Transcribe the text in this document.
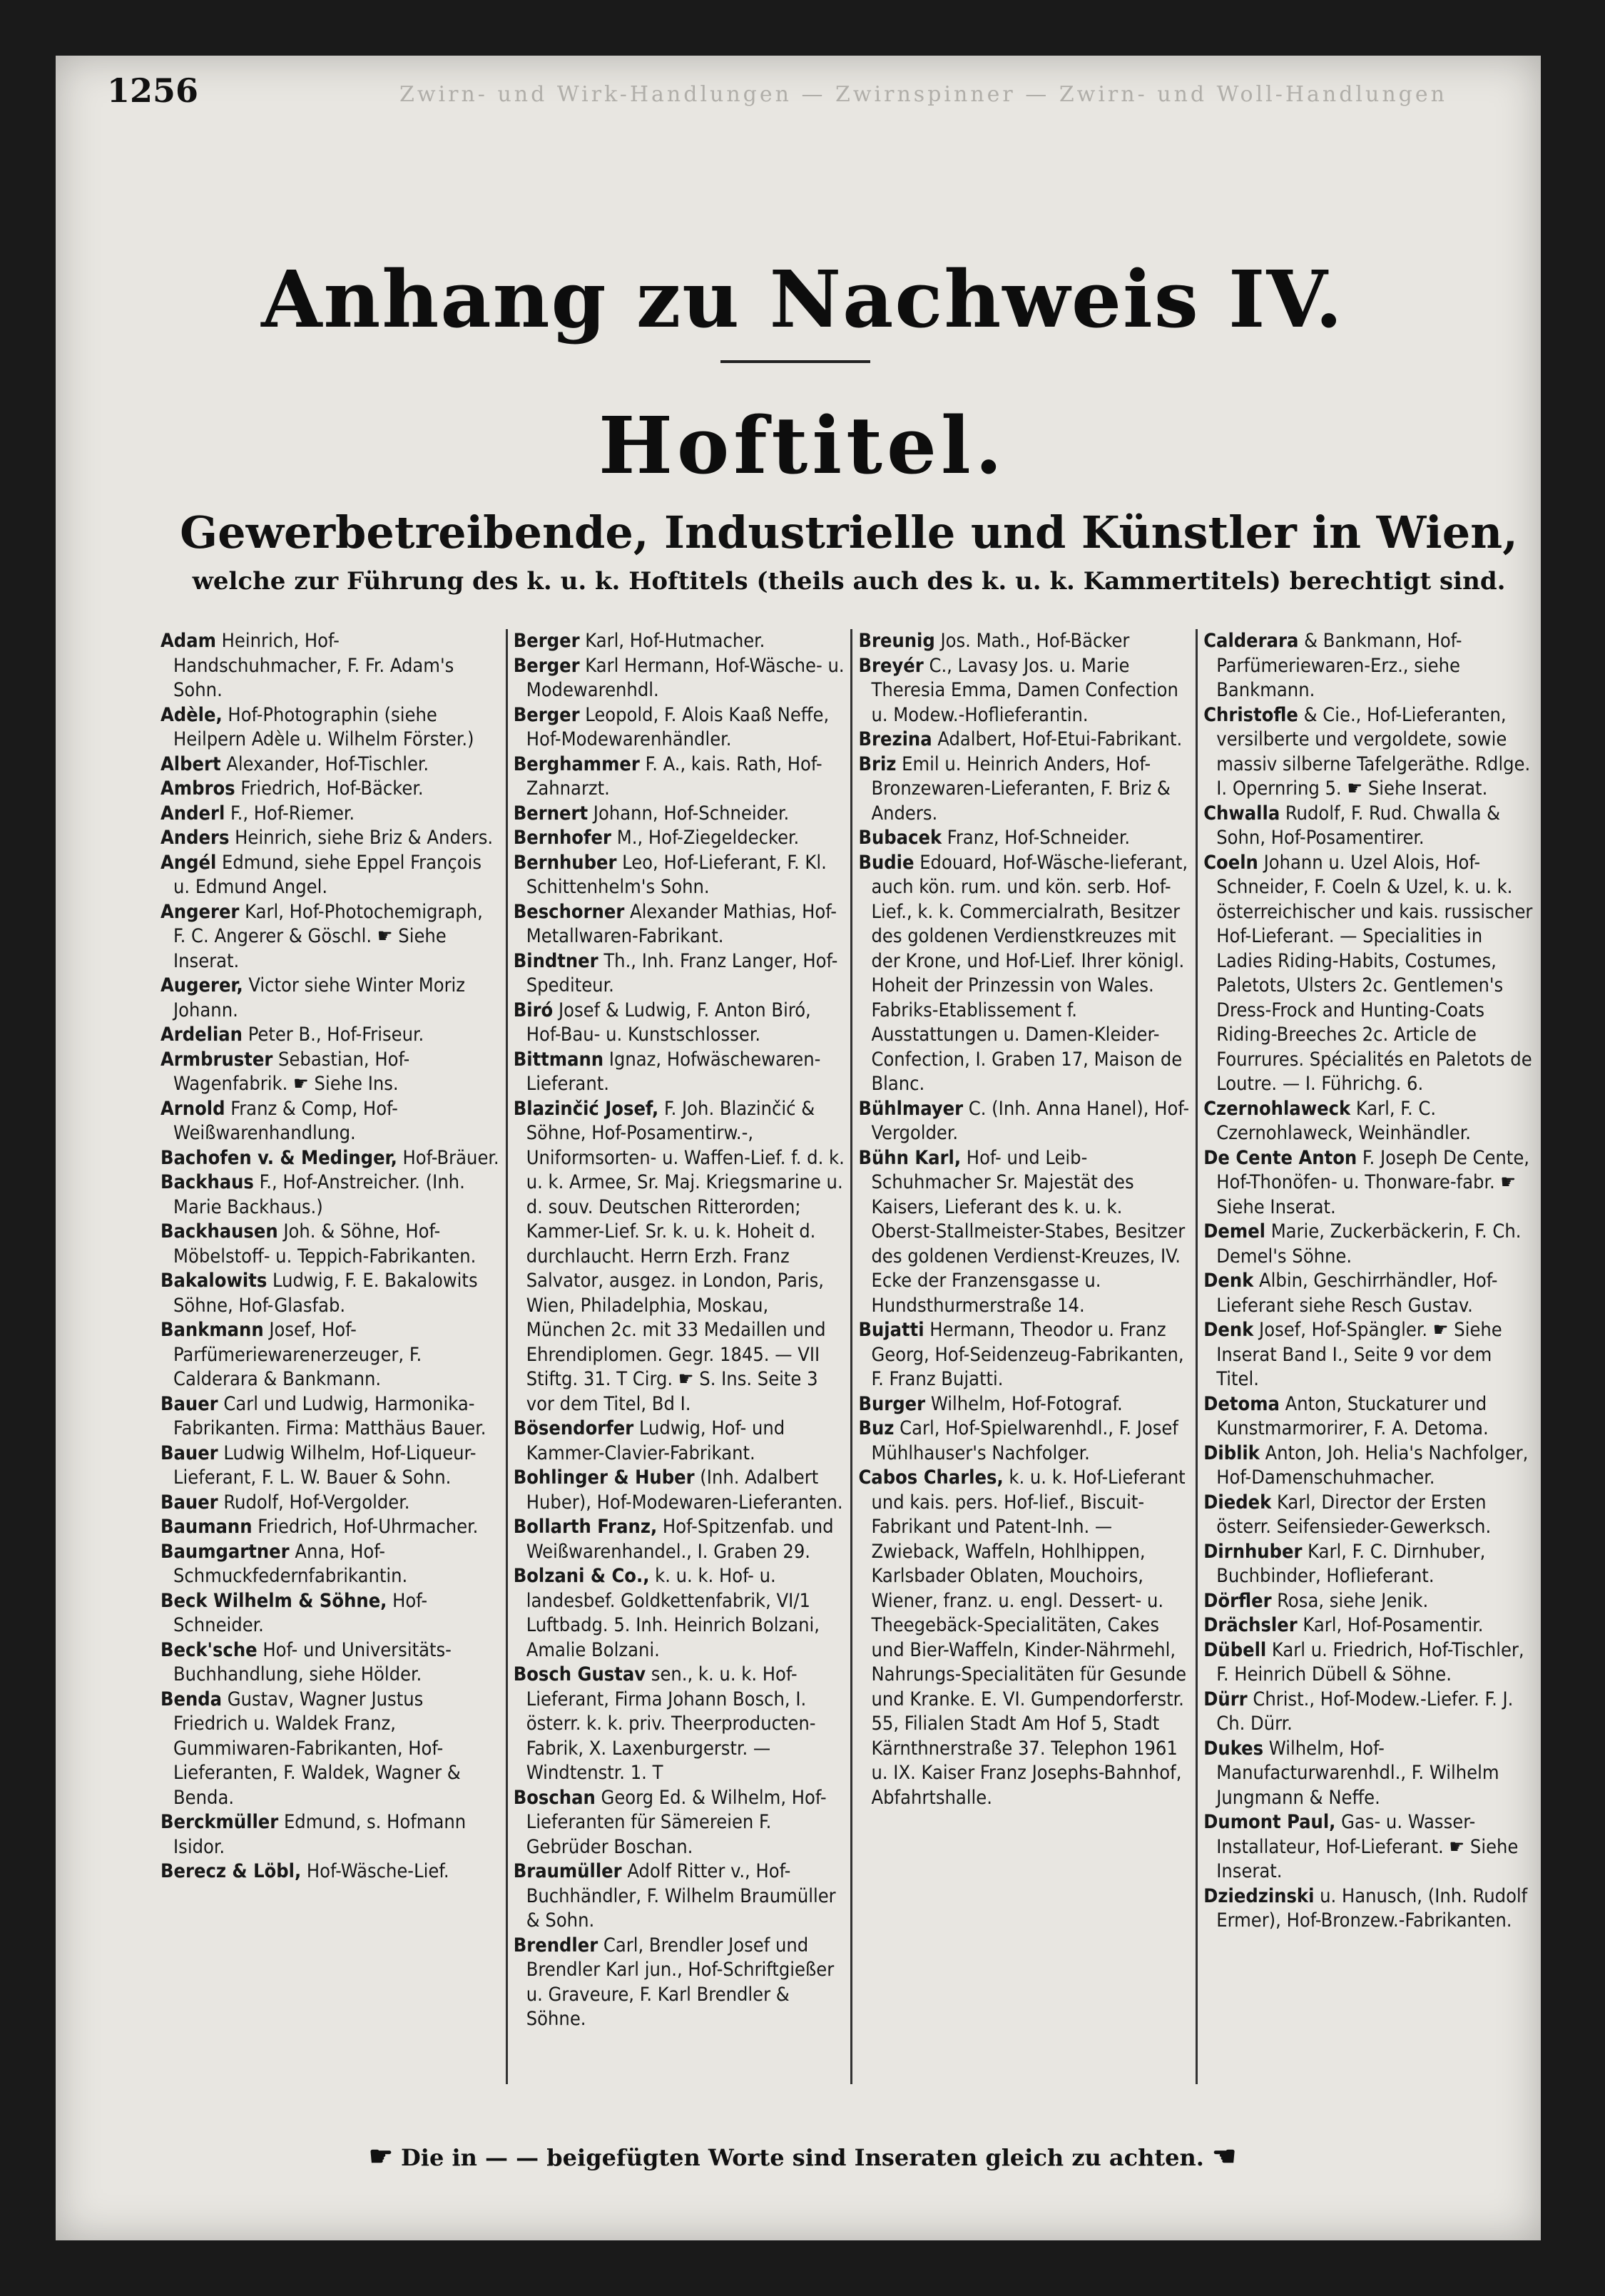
1256	Zwirn- und Wirk-Handlungen — Zwirnspinner — Zwirn- und Woll-Handlungen
Anhang zu Nachweis IV.
Hoftitel.
Gewerbetreibende, Industrielle und Künstler in Wien,
welche zur Führung des k. u. k. Hoftitels (theils auch des k. u. k. Kammertitels) berechtigt sind.

Adam Heinrich, Hof-Handschuhmacher, F. Fr. Adam's Sohn.

Adèle, Hof-Photographin (siehe Heilpern Adèle u. Wilhelm Förster.)

Albert Alexander, Hof-Tischler.

Ambros Friedrich, Hof-Bäcker.

Anderl F., Hof-Riemer.

Anders Heinrich, siehe Briz & Anders.

Angél Edmund, siehe Eppel François u. Edmund Angel.

Angerer Karl, Hof-Photochemigraph, F. C. Angerer & Göschl. ☛ Siehe Inserat.

Augerer, Victor siehe Winter Moriz Johann.

Ardelian Peter B., Hof-Friseur.

Armbruster Sebastian, Hof-Wagenfabrik. ☛ Siehe Ins.

Arnold Franz & Comp, Hof-Weißwarenhandlung.

Bachofen v. & Medinger, Hof-Bräuer.

Backhaus F., Hof-Anstreicher. (Inh. Marie Backhaus.)

Backhausen Joh. & Söhne, Hof-Möbelstoff- u. Teppich-Fabrikanten.

Bakalowits Ludwig, F. E. Bakalowits Söhne, Hof-Glasfab.

Bankmann Josef, Hof-Parfümeriewarenerzeuger, F. Calderara & Bankmann.

Bauer Carl und Ludwig, Harmonika-Fabrikanten. Firma: Matthäus Bauer.

Bauer Ludwig Wilhelm, Hof-Liqueur-Lieferant, F. L. W. Bauer & Sohn.

Bauer Rudolf, Hof-Vergolder.

Baumann Friedrich, Hof-Uhrmacher.

Baumgartner Anna, Hof-Schmuckfedernfabrikantin.

Beck Wilhelm & Söhne, Hof-Schneider.

Beck'sche Hof- und Universitäts-Buchhandlung, siehe Hölder.

Benda Gustav, Wagner Justus Friedrich u. Waldek Franz, Gummiwaren-Fabrikanten, Hof-Lieferanten, F. Waldek, Wagner & Benda.

Berckmüller Edmund, s. Hofmann Isidor.

Berecz & Löbl, Hof-Wäsche-Lief.

Berger Karl, Hof-Hutmacher.

Berger Karl Hermann, Hof-Wäsche- u. Modewarenhdl.

Berger Leopold, F. Alois Kaaß Neffe, Hof-Modewarenhändler.

Berghammer F. A., kais. Rath, Hof-Zahnarzt.

Bernert Johann, Hof-Schneider.

Bernhofer M., Hof-Ziegeldecker.

Bernhuber Leo, Hof-Lieferant, F. Kl. Schittenhelm's Sohn.

Beschorner Alexander Mathias, Hof-Metallwaren-Fabrikant.

Bindtner Th., Inh. Franz Langer, Hof-Spediteur.

Biró Josef & Ludwig, F. Anton Biró, Hof-Bau- u. Kunstschlosser.

Bittmann Ignaz, Hofwäschewaren-Lieferant.

Blazinčić Josef, F. Joh. Blazinčić & Söhne, Hof-Posamentirw.-, Uniformsorten- u. Waffen-Lief. f. d. k. u. k. Armee, Sr. Maj. Kriegsmarine u. d. souv. Deutschen Ritterorden; Kammer-Lief. Sr. k. u. k. Hoheit d. durchlaucht. Herrn Erzh. Franz Salvator, ausgez. in London, Paris, Wien, Philadelphia, Moskau, München 2c. mit 33 Medaillen und Ehrendiplomen. Gegr. 1845. — VII Stiftg. 31. T Cirg. ☛ S. Ins. Seite 3 vor dem Titel, Bd I.

Bösendorfer Ludwig, Hof- und Kammer-Clavier-Fabrikant.

Bohlinger & Huber (Inh. Adalbert Huber), Hof-Modewaren-Lieferanten.

Bollarth Franz, Hof-Spitzenfab. und Weißwarenhandel., I. Graben 29.

Bolzani & Co., k. u. k. Hof- u. landesbef. Goldkettenfabrik, VI/1 Luftbadg. 5. Inh. Heinrich Bolzani, Amalie Bolzani.

Bosch Gustav sen., k. u. k. Hof-Lieferant, Firma Johann Bosch, I. österr. k. k. priv. Theerproducten-Fabrik, X. Laxenburgerstr. — Windtenstr. 1. T

Boschan Georg Ed. & Wilhelm, Hof-Lieferanten für Sämereien F. Gebrüder Boschan.

Braumüller Adolf Ritter v., Hof-Buchhändler, F. Wilhelm Braumüller & Sohn.

Brendler Carl, Brendler Josef und Brendler Karl jun., Hof-Schriftgießer u. Graveure, F. Karl Brendler & Söhne.

Breunig Jos. Math., Hof-Bäcker

Breyér C., Lavasy Jos. u. Marie Theresia Emma, Damen Confection u. Modew.-Hoflieferantin.

Brezina Adalbert, Hof-Etui-Fabrikant.

Briz Emil u. Heinrich Anders, Hof-Bronzewaren-Lieferanten, F. Briz & Anders.

Bubacek Franz, Hof-Schneider.

Budie Edouard, Hof-Wäsche-lieferant, auch kön. rum. und kön. serb. Hof-Lief., k. k. Commercialrath, Besitzer des goldenen Verdienstkreuzes mit der Krone, und Hof-Lief. Ihrer königl. Hoheit der Prinzessin von Wales. Fabriks-Etablissement f. Ausstattungen u. Damen-Kleider-Confection, I. Graben 17, Maison de Blanc.

Bühlmayer C. (Inh. Anna Hanel), Hof-Vergolder.

Bühn Karl, Hof- und Leib-Schuhmacher Sr. Majestät des Kaisers, Lieferant des k. u. k. Oberst-Stallmeister-Stabes, Besitzer des goldenen Verdienst-Kreuzes, IV. Ecke der Franzensgasse u. Hundsthurmerstraße 14.

Bujatti Hermann, Theodor u. Franz Georg, Hof-Seidenzeug-Fabrikanten, F. Franz Bujatti.

Burger Wilhelm, Hof-Fotograf.

Buz Carl, Hof-Spielwarenhdl., F. Josef Mühlhauser's Nachfolger.

Cabos Charles, k. u. k. Hof-Lieferant und kais. pers. Hof-lief., Biscuit-Fabrikant und Patent-Inh. — Zwieback, Waffeln, Hohlhippen, Karlsbader Oblaten, Mouchoirs, Wiener, franz. u. engl. Dessert- u. Theegebäck-Specialitäten, Cakes und Bier-Waffeln, Kinder-Nährmehl, Nahrungs-Specialitäten für Gesunde und Kranke. E. VI. Gumpendorferstr. 55, Filialen Stadt Am Hof 5, Stadt Kärnthnerstraße 37. Telephon 1961 u. IX. Kaiser Franz Josephs-Bahnhof, Abfahrtshalle.

Calderara & Bankmann, Hof-Parfümeriewaren-Erz., siehe Bankmann.

Christofle & Cie., Hof-Lieferanten, versilberte und vergoldete, sowie massiv silberne Tafelgeräthe. Rdlge. I. Opernring 5. ☛ Siehe Inserat.

Chwalla Rudolf, F. Rud. Chwalla & Sohn, Hof-Posamentirer.

Coeln Johann u. Uzel Alois, Hof-Schneider, F. Coeln & Uzel, k. u. k. österreichischer und kais. russischer Hof-Lieferant. — Specialities in Ladies Riding-Habits, Costumes, Paletots, Ulsters 2c. Gentlemen's Dress-Frock and Hunting-Coats Riding-Breeches 2c. Article de Fourrures. Spécialités en Paletots de Loutre. — I. Führichg. 6.

Czernohlaweck Karl, F. C. Czernohlaweck, Weinhändler.

De Cente Anton F. Joseph De Cente, Hof-Thonöfen- u. Thonware-fabr. ☛ Siehe Inserat.

Demel Marie, Zuckerbäckerin, F. Ch. Demel's Söhne.

Denk Albin, Geschirrhändler, Hof-Lieferant siehe Resch Gustav.

Denk Josef, Hof-Spängler. ☛ Siehe Inserat Band I., Seite 9 vor dem Titel.

Detoma Anton, Stuckaturer und Kunstmarmorirer, F. A. Detoma.

Diblik Anton, Joh. Helia's Nachfolger, Hof-Damenschuhmacher.

Diedek Karl, Director der Ersten österr. Seifensieder-Gewerksch.

Dirnhuber Karl, F. C. Dirnhuber, Buchbinder, Hoflieferant.

Dörfler Rosa, siehe Jenik.

Drächsler Karl, Hof-Posamentir.

Dübell Karl u. Friedrich, Hof-Tischler, F. Heinrich Dübell & Söhne.

Dürr Christ., Hof-Modew.-Liefer. F. J. Ch. Dürr.

Dukes Wilhelm, Hof-Manufacturwarenhdl., F. Wilhelm Jungmann & Neffe.

Dumont Paul, Gas- u. Wasser-Installateur, Hof-Lieferant. ☛ Siehe Inserat.

Dziedzinski u. Hanusch, (Inh. Rudolf Ermer), Hof-Bronzew.-Fabrikanten.

☛ Die in — — beigefügten Worte sind Inseraten gleich zu achten. ☚
